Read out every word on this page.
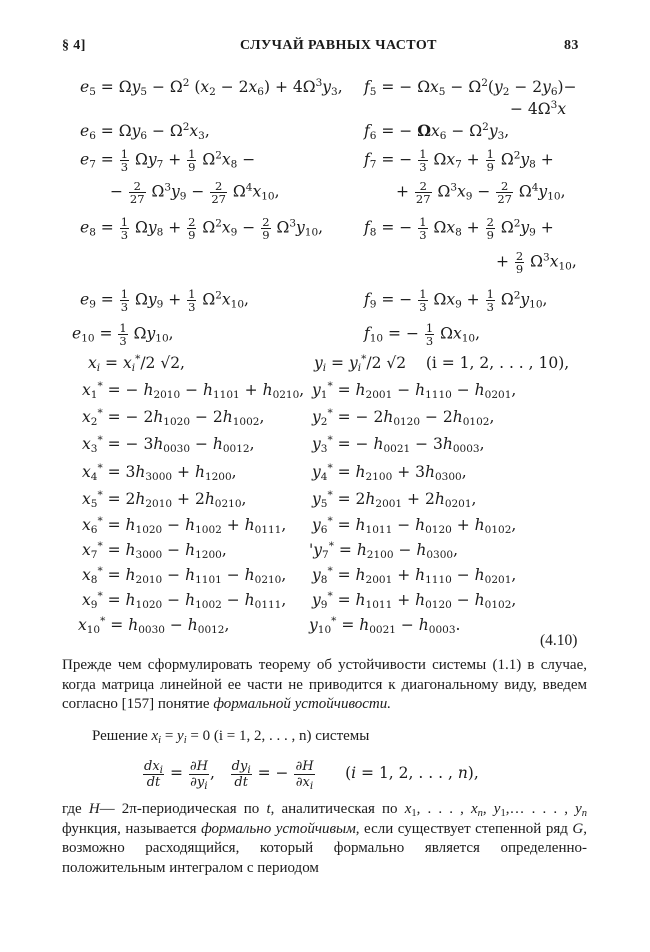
§ 4]	СЛУЧАЙ РАВНЫХ ЧАСТОТ	83
$e_5 = \Omega y_5 - \Omega^2$ $(x_2 - 2x_6) + 4\Omega^3y_3$, $f_5$ = − $\Omega x_5 - \Omega^2(y_2 - 2y_6)-$
− $4\Omega^3x$
$e_6 = \Omega y_6 - \Omega^2x_3$,	$f_6$ = − $\Omega x_6 - \Omega^2y_3$,
$e_7 = \frac{1}{3} \Omega y_7 + \frac{1}{9} \Omega^2x_8$ −	$f_7$ = − $\frac{1}{3} \Omega x_7 + \frac{1}{9} \Omega^2y_8$ +
− $\frac{2}{27} \Omega^3y_9 - \frac{2}{27} \Omega^4x_{10}$,	+ $\frac{2}{27} \Omega^3x_9 - \frac{2}{27} \Omega^4y_{10}$,
$e_8 = \frac{1}{3} \Omega y_8 + \frac{2}{9} \Omega^2x_9 - \frac{2}{9} \Omega^3y_{10}$,	$f_8$ = − $\frac{1}{3} \Omega x_8 + \frac{2}{9} \Omega^2y_9$ +
+ $\frac{2}{9} \Omega^3x_{10}$,
$e_9 = \frac{1}{3} \Omega y_9 + \frac{1}{3} \Omega^2x_{10}$,	$f_9$ = − $\frac{1}{3} \Omega x_9 + \frac{1}{3} \Omega^2y_{10}$,
$e_{10} = \frac{1}{3} \Omega y_{10}$,	$f_{10}$ = − $\frac{1}{3} \Omega x_{10}$,
$x_i = x_i^*/2$ √2,	$y_i = y_i^*/2$ √2    (i = 1, 2, . . . , 10),
$x_1^*$ = − $h_{2010} - h_{1101} + h_{0210}$, $y_1^* = h_{2001} - h_{1110} - h_{0201}$,
$x_2^*$ = − $2h_{1020} - 2h_{1002}$,	$y_2^*$ = − $2h_{0120} - 2h_{0102}$,
$x_3^*$ = − $3h_{0030} - h_{0012}$,	$y_3^*$ = − $h_{0021} - 3h_{0003}$,
$x_4^* = 3h_{3000} + h_{1200}$,	$y_4^* = h_{2100} + 3h_{0300}$,
$x_5^* = 2h_{2010} + 2h_{0210}$,	$y_5^* = 2h_{2001} + 2h_{0201}$,
$x_6^* = h_{1020} - h_{1002} + h_{0111}$, $y_6^* = h_{1011} - h_{0120} + h_{0102}$,
$x_7^* = h_{3000} - h_{1200}$,	'$y_7^* = h_{2100} - h_{0300}$,
$x_8^* = h_{2010} - h_{1101} - h_{0210}$, $y_8^* = h_{2001} + h_{1110} - h_{0201}$,
$x_9^* = h_{1020} - h_{1002} - h_{0111}$, $y_9^* = h_{1011} + h_{0120} - h_{0102}$,
$x_{10}^* = h_{0030} - h_{0012}$,	$y_{10}^* = h_{0021} - h_{0003}$.
(4.10)
Прежде чем сформулировать теорему об устойчивости системы (1.1) в случае, когда матрица линейной ее части не приводится к диагональному виду, введем согласно [157] понятие формальной устойчивости.
Решение $x_i = y_i = 0$ (i = 1, 2, . . . , n) системы
$\frac{dx_i}{dt} = \frac{\partial H}{\partial y_i}$ , $\frac{dy_i}{dt}$ = − $\frac{\partial H}{\partial x_i} (i = 1$, 2, . . . , n),
где H— 2π-периодическая по t, аналитическая по $x_1$, . . . , $x_n$, $y_1,\dots$ . . . , $y_n$ функция, называется формально устойчивым, если существует степенной ряд G, возможно расходящийся, который формально является определенно-положительным интегралом с периодом
